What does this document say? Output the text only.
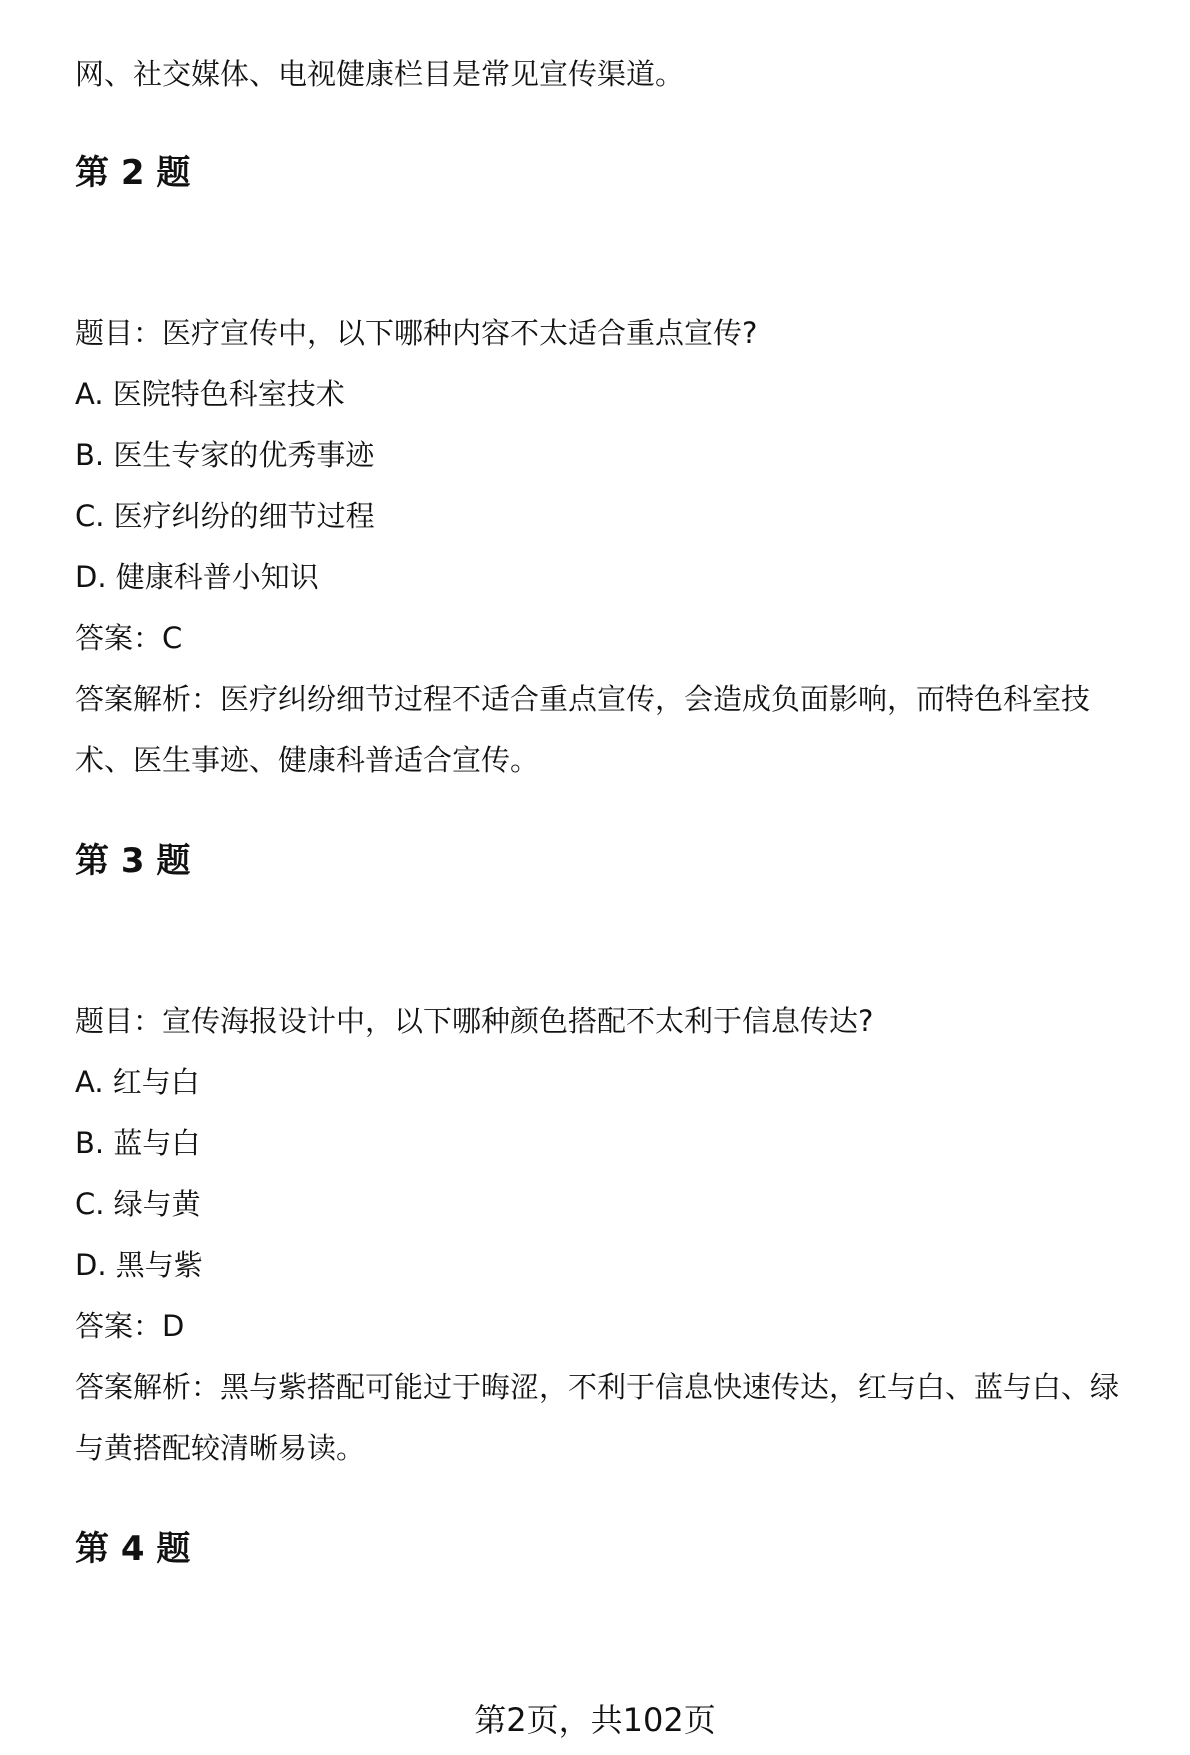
网、社交媒体、电视健康栏目是常见宣传渠道。
第 2 题
题目：医疗宣传中，以下哪种内容不太适合重点宣传?
A. 医院特色科室技术
B. 医生专家的优秀事迹
C. 医疗纠纷的细节过程
D. 健康科普小知识
答案：C
答案解析：医疗纠纷细节过程不适合重点宣传，会造成负面影响，而特色科室技
术、医生事迹、健康科普适合宣传。
第 3 题
题目：宣传海报设计中，以下哪种颜色搭配不太利于信息传达?
A. 红与白
B. 蓝与白
C. 绿与黄
D. 黑与紫
答案：D
答案解析：黑与紫搭配可能过于晦涩，不利于信息快速传达，红与白、蓝与白、绿
与黄搭配较清晰易读。
第 4 题
第2页，共102页
